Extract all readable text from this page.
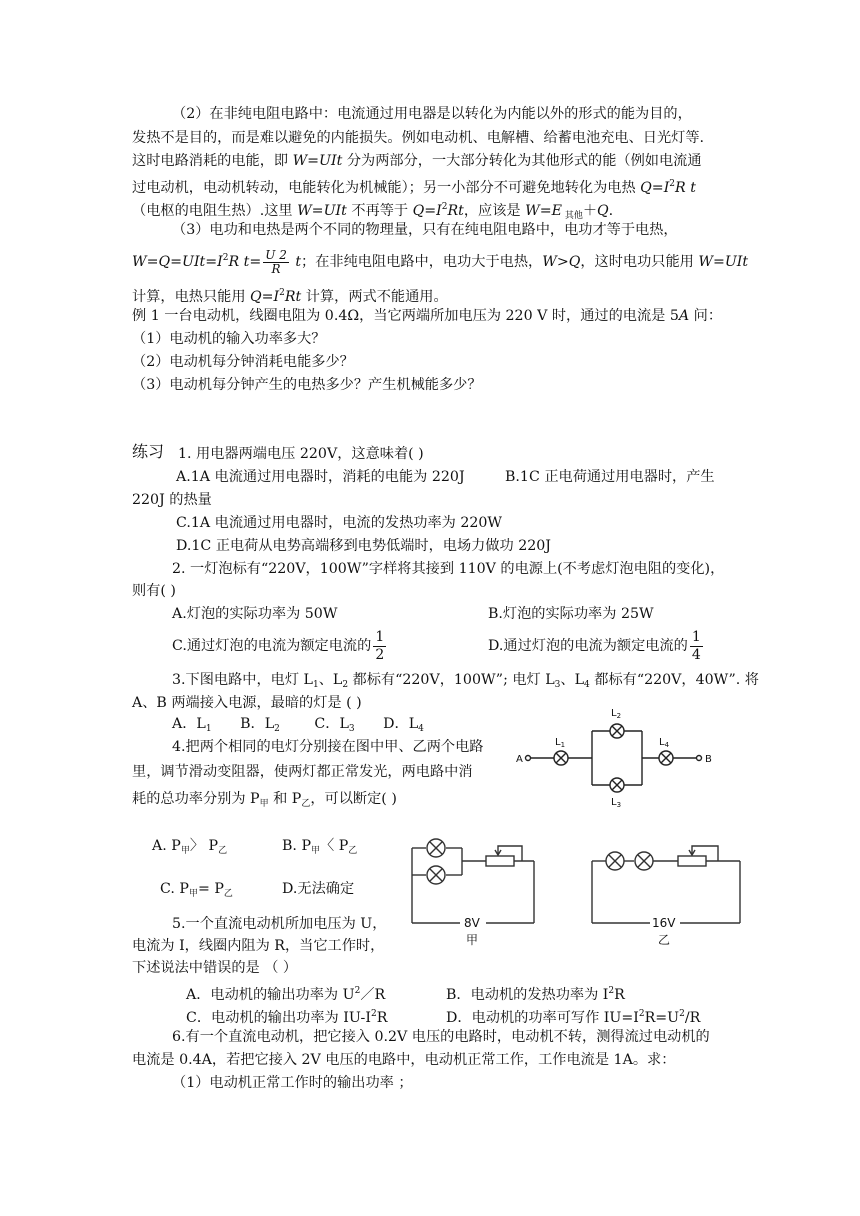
（2）在非纯电阻电路中：电流通过用电器是以转化为内能以外的形式的能为目的，
发热不是目的，而是难以避免的内能损失。例如电动机、电解槽、给蓄电池充电、日光灯等.
这时电路消耗的电能，即 W=UIt 分为两部分，一大部分转化为其他形式的能（例如电流通
过电动机，电动机转动，电能转化为机械能）；另一小部分不可避免地转化为电热 $Q=I^2R$ t
（电枢的电阻生热）.这里 W=UIt 不再等于 $Q=I^2Rt$，应该是 W=E $_{其他}$＋Q.
（3）电功和电热是两个不同的物理量，只有在纯电阻电路中，电功才等于电热，
$W=Q=UIt=I^2R$ $t= \frac{U 2}{R}$ t；在非纯电阻电路中，电功大于电热，W>Q，这时电功只能用 W=UIt
计算，电热只能用 $Q=I^2Rt$ 计算，两式不能通用。
例 1 一台电动机，线圈电阻为 0.4Ω，当它两端所加电压为 220 V 时，通过的电流是 5A 问：
（1）电动机的输入功率多大？
（2）电动机每分钟消耗电能多少？
（3）电动机每分钟产生的电热多少？产生机械能多少？
练习 1. 用电器两端电压 220V，这意味着( )
A.1A 电流通过用电器时，消耗的电能为 220J	B.1C 正电荷通过用电器时，产生
220J 的热量
C.1A 电流通过用电器时，电流的发热功率为 220W
D.1C 正电荷从电势高端移到电势低端时，电场力做功 220J
2. 一灯泡标有“220V，100W”字样将其接到 110V 的电源上(不考虑灯泡电阻的变化)，
则有( )
A.灯泡的实际功率为 50W	B.灯泡的实际功率为 25W
C.通过灯泡的电流为额定电流的 $\frac{1}{2}$	D.通过灯泡的电流为额定电流的 $\frac{1}{4}$
3.下图电路中，电灯 $L_1$、$L_2$ 都标有“220V，100W”; 电灯 $L_3$、$L_4$ 都标有“220V，40W”. 将
A、B 两端接入电源，最暗的灯是 ( )
A．$L_1$ B．$L_2$ C．$L_3$ D．$L_4$
4.把两个相同的电灯分别接在图中甲、乙两个电路
里，调节滑动变阻器，使两灯都正常发光，两电路中消
耗的总功率分别为 $P_甲$ 和 $P_乙$，可以断定( )
A. $P_甲$〉 $P_乙$	B. $P_甲$〈 $P_乙$
C. $P_甲= P_乙$	D.无法确定
5.一个直流电动机所加电压为 U，
电流为 I，线圈内阻为 R，当它工作时，
下述说法中错误的是 （ ）
A．电动机的输出功率为 $U^2/R$	B．电动机的发热功率为 $I^2R$
C．电动机的输出功率为 $IU-I^2R$	D．电动机的功率可写作 $IU=I^2R=U^2/R$
6.有一个直流电动机，把它接入 0.2V 电压的电路时，电动机不转，测得流过电动机的
电流是 0.4A，若把它接入 2V 电压的电路中，电动机正常工作，工作电流是 1A。求：
（1）电动机正常工作时的输出功率 ；
A	B
$L_1$
$L_2$
$L_3$
$L_4$
8V	16V
甲	乙
